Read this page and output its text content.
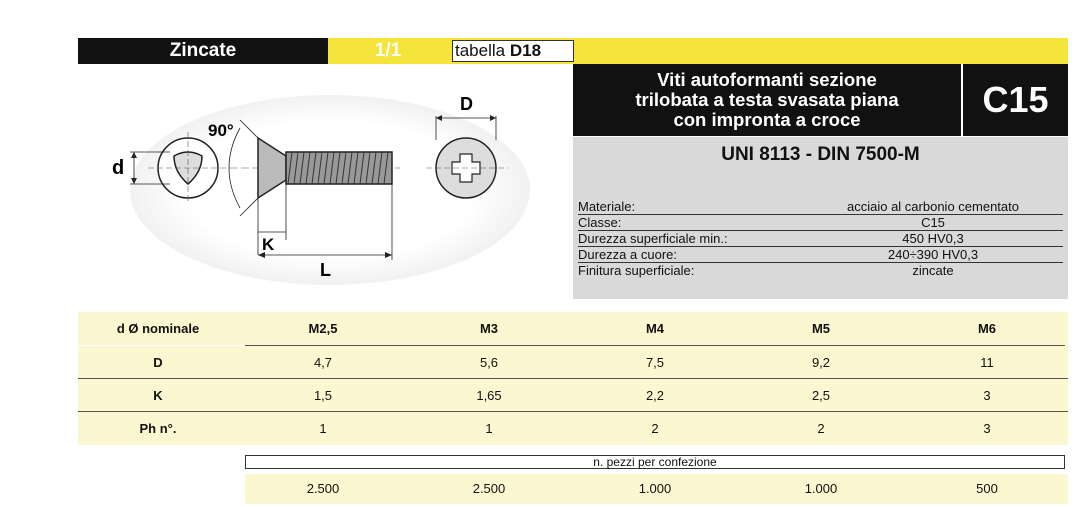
Zincate	1/1	tabella D18
Viti autoformanti sezione
trilobata a testa svasata piana
con impronta a croce	C15
d
90°
K
L
D
UNI 8113 - DIN 7500-M
Materiale:	acciaio al carbonio cementato
Classe:	C15
Durezza superficiale min.:	450 HV0,3
Durezza a cuore:	240÷390 HV0,3
Finitura superficiale:	zincate
d Ø nominale	M2,5	M3	M4	M5	M6
D	4,7	5,6	7,5	9,2	11
K	1,5	1,65	2,2	2,5	3
Ph n°.	1	1	2	2	3
n. pezzi per confezione
2.500	2.500	1.000	1.000	500
